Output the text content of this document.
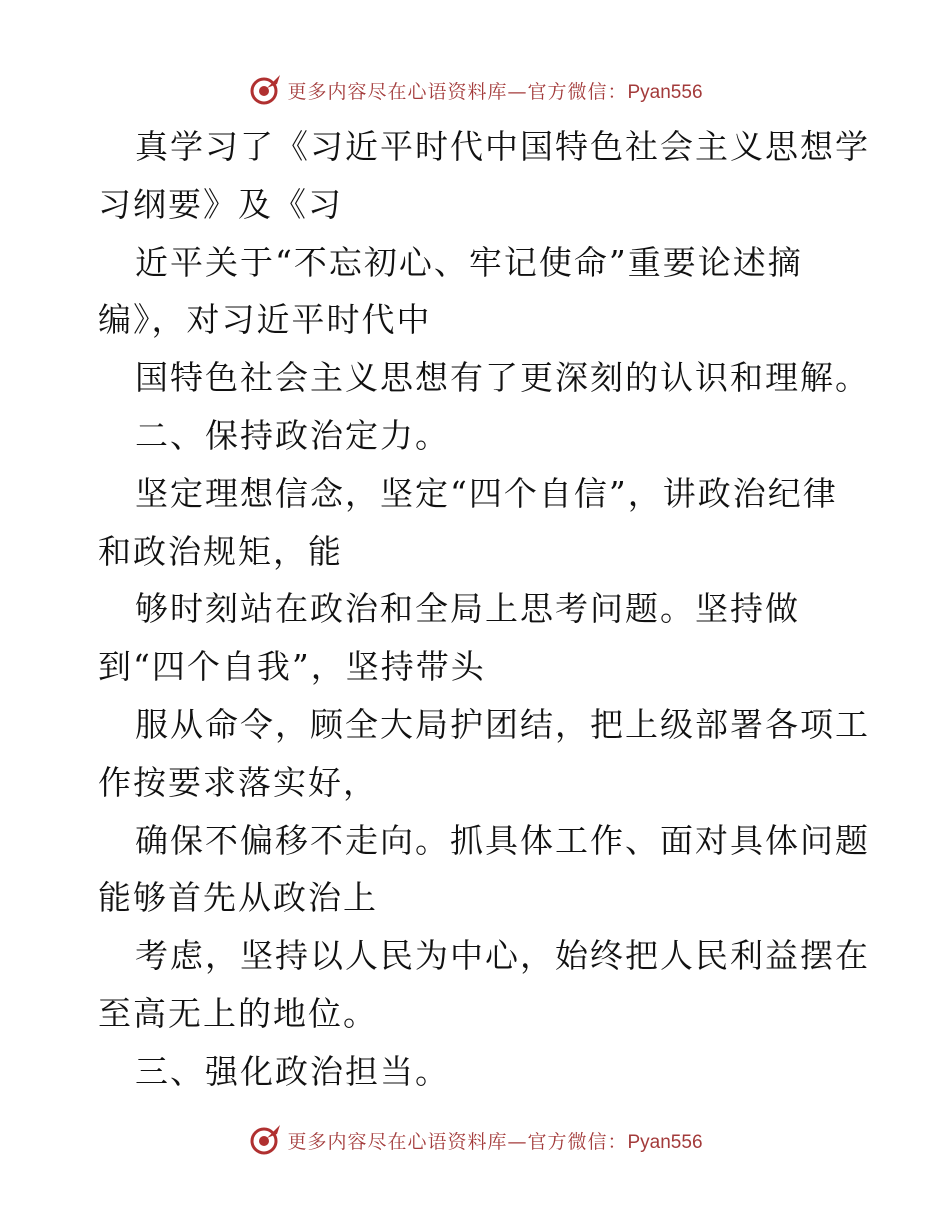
更多内容尽在心语资料库—官方微信：Pyan556
真学习了《习近平时代中国特色社会主义思想学
习纲要》及《习
近平关于“不忘初心、牢记使命”重要论述摘
编》，对习近平时代中
国特色社会主义思想有了更深刻的认识和理解。
二、保持政治定力。
坚定理想信念，坚定“四个自信”，讲政治纪律
和政治规矩，能
够时刻站在政治和全局上思考问题。坚持做
到“四个自我”，坚持带头
服从命令，顾全大局护团结，把上级部署各项工
作按要求落实好，
确保不偏移不走向。抓具体工作、面对具体问题
能够首先从政治上
考虑，坚持以人民为中心，始终把人民利益摆在
至高无上的地位。
三、强化政治担当。
更多内容尽在心语资料库—官方微信：Pyan556
